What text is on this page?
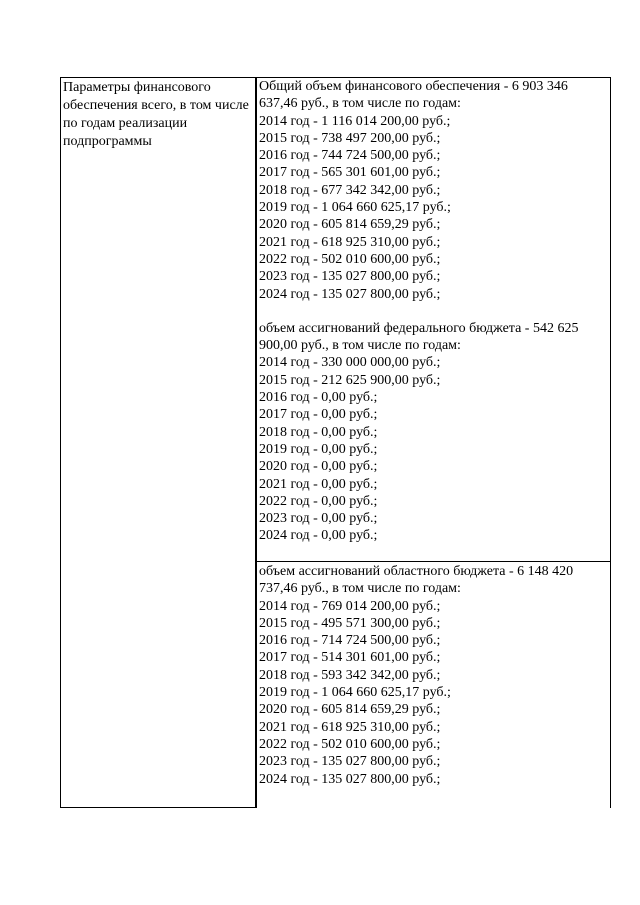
Параметры финансового обеспечения всего, в том числе по годам реализации подпрограммы
Общий объем финансового обеспечения - 6 903 346 637,46 руб., в том числе по годам:
2014 год - 1 116 014 200,00 руб.;
2015 год - 738 497 200,00 руб.;
2016 год - 744 724 500,00 руб.;
2017 год - 565 301 601,00 руб.;
2018 год - 677 342 342,00 руб.;
2019 год - 1 064 660 625,17 руб.;
2020 год - 605 814 659,29 руб.;
2021 год - 618 925 310,00 руб.;
2022 год - 502 010 600,00 руб.;
2023 год - 135 027 800,00 руб.;
2024 год - 135 027 800,00 руб.;
объем ассигнований федерального бюджета - 542 625 900,00 руб., в том числе по годам:
2014 год - 330 000 000,00 руб.;
2015 год - 212 625 900,00 руб.;
2016 год - 0,00 руб.;
2017 год - 0,00 руб.;
2018 год - 0,00 руб.;
2019 год - 0,00 руб.;
2020 год - 0,00 руб.;
2021 год - 0,00 руб.;
2022 год - 0,00 руб.;
2023 год - 0,00 руб.;
2024 год - 0,00 руб.;
объем ассигнований областного бюджета - 6 148 420 737,46 руб., в том числе по годам:
2014 год - 769 014 200,00 руб.;
2015 год - 495 571 300,00 руб.;
2016 год - 714 724 500,00 руб.;
2017 год - 514 301 601,00 руб.;
2018 год - 593 342 342,00 руб.;
2019 год - 1 064 660 625,17 руб.;
2020 год - 605 814 659,29 руб.;
2021 год - 618 925 310,00 руб.;
2022 год - 502 010 600,00 руб.;
2023 год - 135 027 800,00 руб.;
2024 год - 135 027 800,00 руб.;
